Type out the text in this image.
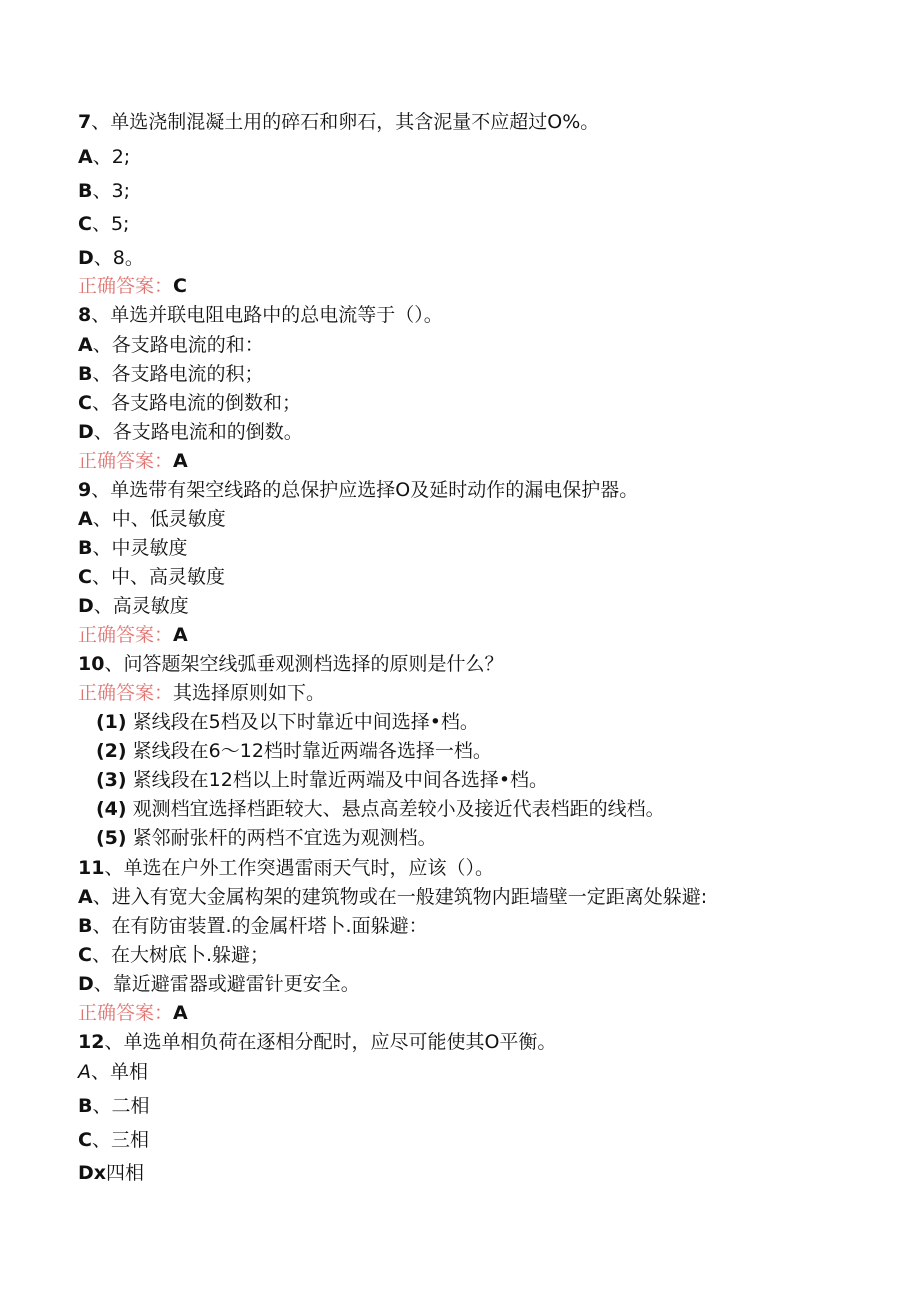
7、单选浇制混凝土用的碎石和卵石，其含泥量不应超过O%。
A、2;
B、3;
C、5;
D、8。
正确答案：C
8、单选并联电阻电路中的总电流等于（）。
A、各支路电流的和：
B、各支路电流的积；
C、各支路电流的倒数和；
D、各支路电流和的倒数。
正确答案：A
9、单选带有架空线路的总保护应选择O及延时动作的漏电保护器。
A、中、低灵敏度
B、中灵敏度
C、中、高灵敏度
D、高灵敏度
正确答案：A
10、问答题架空线弧垂观测档选择的原则是什么？
正确答案：其选择原则如下。
(1) 紧线段在5档及以下时靠近中间选择•档。
(2) 紧线段在6〜12档时靠近两端各选择一档。
(3) 紧线段在12档以上时靠近两端及中间各选择•档。
(4) 观测档宜选择档距较大、悬点高差较小及接近代表档距的线档。
(5) 紧邻耐张杆的两档不宜选为观测档。
11、单选在户外工作突遇雷雨天气时，应该（）。
A、进入有宽大金属构架的建筑物或在一般建筑物内距墙壁一定距离处躲避:
B、在有防宙装置.的金属杆塔卜.面躲避：
C、在大树底卜.躲避；
D、靠近避雷器或避雷针更安全。
正确答案：A
12、单选单相负荷在逐相分配时，应尽可能使其O平衡。
A、单相
B、二相
C、三相
Dx四相
